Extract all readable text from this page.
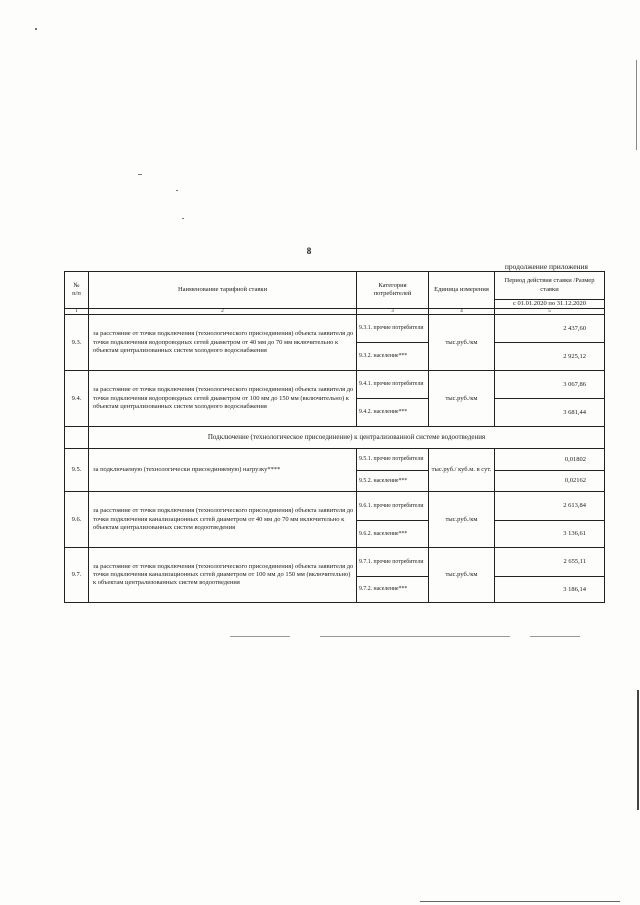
8
продолжение приложения
№
п/п	Наименование тарифной ставки	Категория потребителей	Единица измерения	Период действия ставки /Размер ставки
				с 01.01.2020 по 31.12.2020
1	2	3	4	5
9.3.	за расстояние от точки подключения (технологического присоединения) объекта заявителя до точки подключения водопроводных сетей диаметром от 40 мм до 70 мм включительно к объектам централизованных систем холодного водоснабжения	9.3.1. прочие потребители	тыс.руб./км	2 437,60
		9.3.2. население***		2 925,12
9.4.	за расстояние от точки подключения (технологического присоединения) объекта заявителя до точки подключения водопроводных сетей диаметром от 100 мм до 150 мм (включительно) к объектам централизованных систем холодного водоснабжения	9.4.1. прочие потребители	тыс.руб./км	3 067,86
		9.4.2. население***		3 681,44
	Подключение (технологическое присоединение) к централизованной системе водоотведения			
9.5.	за подключаемую (технологически присоединяемую) нагрузку****	9.5.1. прочие потребители	тыс.руб./ куб.м. в сут.	0,01802
		9.5.2. население***		0,02162
9.6.	за расстояние от точки подключения (технологического присоединения) объекта заявителя до точки подключения канализационных сетей диаметром от 40 мм до 70 мм включительно к объектам централизованных систем водоотведения	9.6.1. прочие потребители	тыс.руб./км	2 613,84
		9.6.2. население***		3 136,61
9.7.	за расстояние от точки подключения (технологического присоединения) объекта заявителя до точки подключения канализационных сетей диаметром от 100 мм до 150 мм (включительно) к объектам централизованных систем водоотведения	9.7.1. прочие потребители	тыс.руб./км	2 655,11
		9.7.2. население***		3 186,14
